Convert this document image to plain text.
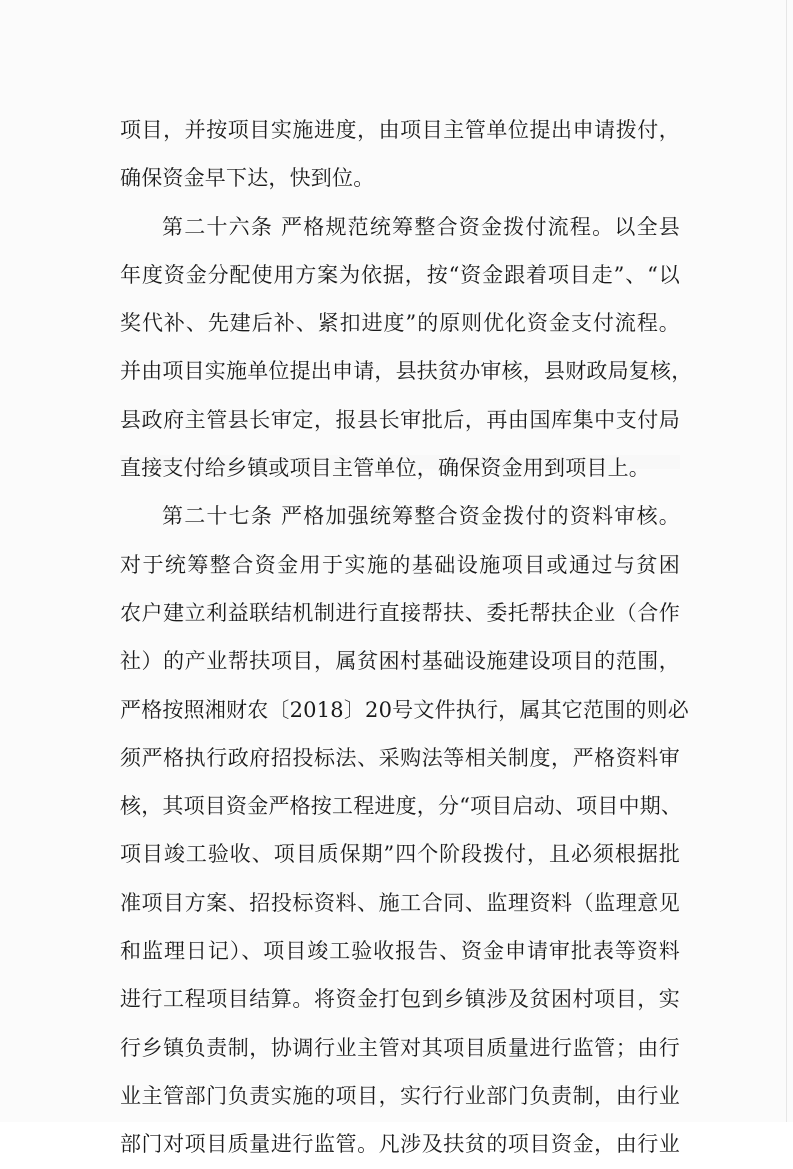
项目，并按项目实施进度，由项目主管单位提出申请拨付，
确保资金早下达，快到位。
第二十六条 严格规范统筹整合资金拨付流程。以全县
年度资金分配使用方案为依据，按“资金跟着项目走”、“以
奖代补、先建后补、紧扣进度”的原则优化资金支付流程。
并由项目实施单位提出申请，县扶贫办审核，县财政局复核，
县政府主管县长审定，报县长审批后，再由国库集中支付局
直接支付给乡镇或项目主管单位，确保资金用到项目上。
第二十七条 严格加强统筹整合资金拨付的资料审核。
对于统筹整合资金用于实施的基础设施项目或通过与贫困
农户建立利益联结机制进行直接帮扶、委托帮扶企业（合作
社）的产业帮扶项目，属贫困村基础设施建设项目的范围，
严格按照湘财农〔2018〕20号文件执行，属其它范围的则必
须严格执行政府招投标法、采购法等相关制度，严格资料审
核，其项目资金严格按工程进度，分“项目启动、项目中期、
项目竣工验收、项目质保期”四个阶段拨付，且必须根据批
准项目方案、招投标资料、施工合同、监理资料（监理意见
和监理日记）、项目竣工验收报告、资金申请审批表等资料
进行工程项目结算。将资金打包到乡镇涉及贫困村项目，实
行乡镇负责制，协调行业主管对其项目质量进行监管；由行
业主管部门负责实施的项目，实行行业部门负责制，由行业
部门对项目质量进行监管。凡涉及扶贫的项目资金，由行业
